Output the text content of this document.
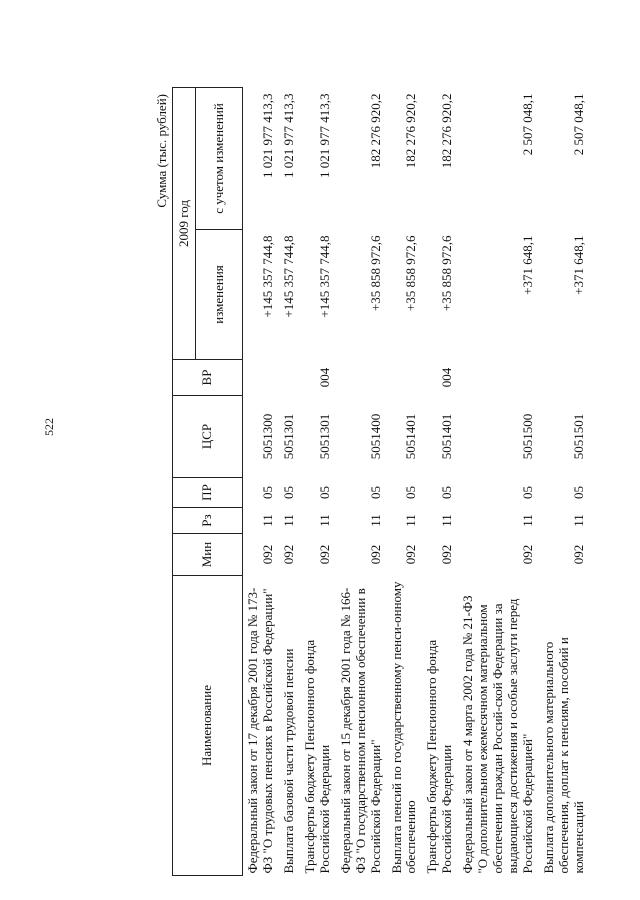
522
Сумма (тыс. рублей)
Наименование	Мин	Рз	ПР	ЦСР	ВР	2009 год	
						изменения	с учетом изменений
Федеральный закон от 17 декабря 2001 года № 173-ФЗ "О трудовых пенсиях в Российской Федерации"	092	11	05	5051300		+145 357 744,8	1 021 977 413,3
Выплата базовой части трудовой пенсии	092	11	05	5051301		+145 357 744,8	1 021 977 413,3
Трансферты бюджету Пенсионного фонда Российской Федерации	092	11	05	5051301	004	+145 357 744,8	1 021 977 413,3
Федеральный закон от 15 декабря 2001 года № 166-ФЗ "О государственном пенсионном обеспечении в Российской Федерации"	092	11	05	5051400		+35 858 972,6	182 276 920,2
Выплата пенсий по государственному пенси-онному обеспечению	092	11	05	5051401		+35 858 972,6	182 276 920,2
Трансферты бюджету Пенсионного фонда Российской Федерации	092	11	05	5051401	004	+35 858 972,6	182 276 920,2
Федеральный закон от 4 марта 2002 года № 21-ФЗ "О дополнительном ежемесячном материальном обеспечении граждан Россий-ской Федерации за выдающиеся достижения и особые заслуги перед Российской Федерацией"	092	11	05	5051500		+371 648,1	2 507 048,1
Выплата дополнительного материального обеспечения, доплат к пенсиям, пособий и компенсаций	092	11	05	5051501		+371 648,1	2 507 048,1
